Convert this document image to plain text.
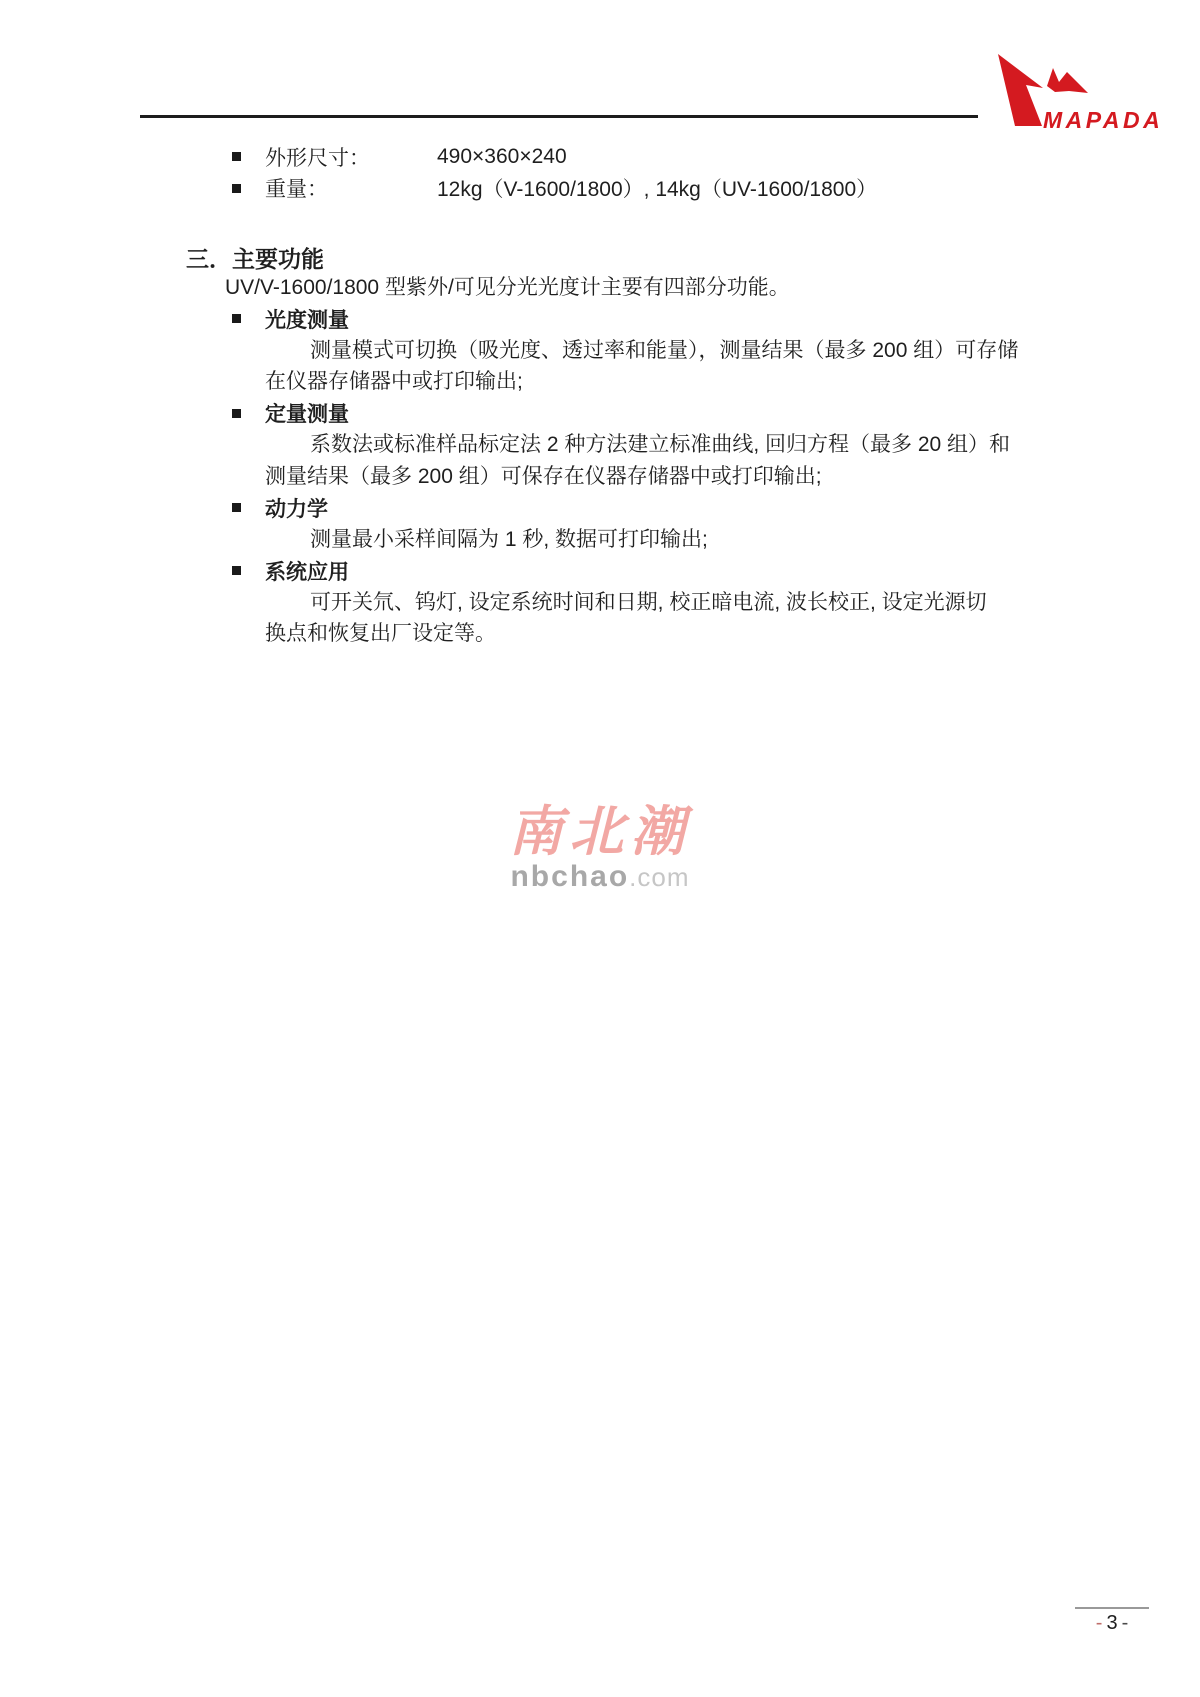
MAPADA
外形尺寸：	490×360×240
重量：	12kg（V-1600/1800）, 14kg（UV-1600/1800）
三． 主要功能
UV/V-1600/1800 型紫外/可见分光光度计主要有四部分功能。
光度测量
测量模式可切换（吸光度、透过率和能量），测量结果（最多 200 组）可存储
在仪器存储器中或打印输出;
定量测量
系数法或标准样品标定法 2 种方法建立标准曲线, 回归方程（最多 20 组）和
测量结果（最多 200 组）可保存在仪器存储器中或打印输出;
动力学
测量最小采样间隔为 1 秒, 数据可打印输出;
系统应用
可开关氘、钨灯, 设定系统时间和日期, 校正暗电流, 波长校正, 设定光源切
换点和恢复出厂设定等。
南北潮
nbchao.com
- 3 -
